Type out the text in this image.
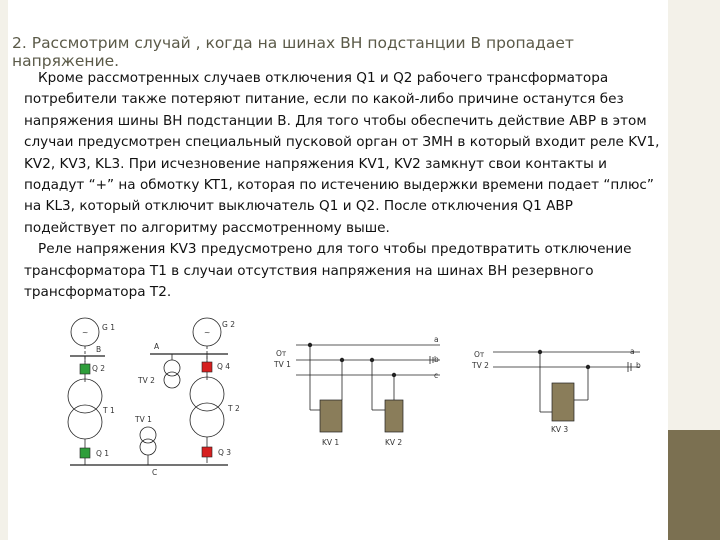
2. Рассмотрим случай , когда на шинах ВН подстанции В пропадает напряжение.

Кроме рассмотренных случаев отключения Q1 и Q2 рабочего трансформатора потребители также потеряют питание, если по какой-либо причине останутся без напряжения шины ВН подстанции В. Для того чтобы обеспечить действие АВР в этом случаи предусмотрен специальный пусковой орган от ЗМН в который входит реле KV1, KV2, KV3, KL3. При исчезновение напряжения KV1, KV2 замкнут свои контакты и подадут “+” на обмотку KT1, которая по истечению выдержки времени подает “плюс” на KL3, который отключит выключатель Q1 и Q2. После отключения Q1 АВР подействует по алгоритму рассмотренному выше.

Реле напряжения KV3 предусмотрено для того чтобы предотвратить отключение трансформатора Т1 в случаи отсутствия напряжения на шинах ВН резервного трансформатора Т2.

~	~
G 1	G 2
B	A
Q 2	Q 4
TV 2
T 1	T 2
TV 1
Q 1	Q 3
C
От
TV 1
a
b
c
KV 1	KV 2
От
TV 2
a
b
KV 3
